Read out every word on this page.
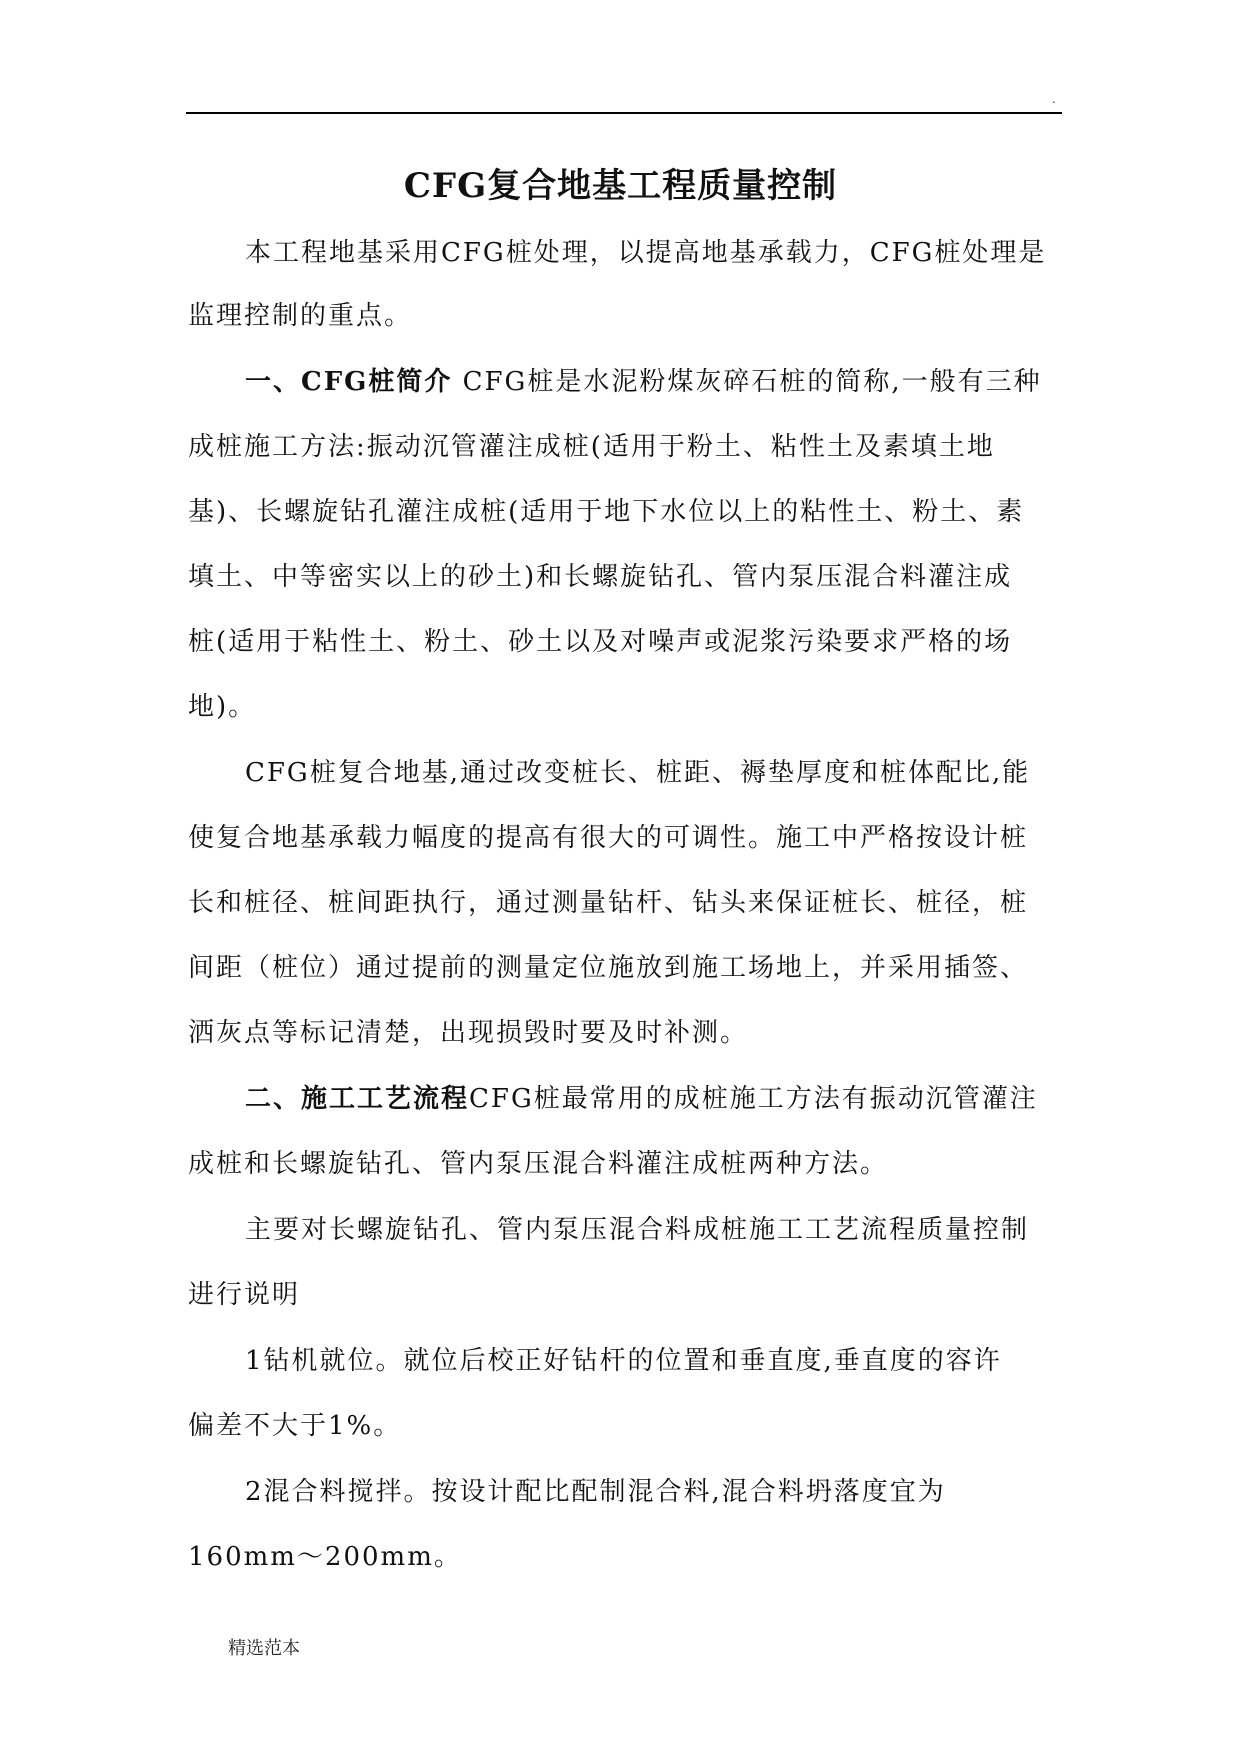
.
CFG复合地基工程质量控制
本工程地基采用CFG桩处理，以提高地基承载力，CFG桩处理是
监理控制的重点。
一、CFG桩简介 CFG桩是水泥粉煤灰碎石桩的简称,一般有三种
成桩施工方法:振动沉管灌注成桩(适用于粉土、粘性土及素填土地
基)、长螺旋钻孔灌注成桩(适用于地下水位以上的粘性土、粉土、素
填土、中等密实以上的砂土)和长螺旋钻孔、管内泵压混合料灌注成
桩(适用于粘性土、粉土、砂土以及对噪声或泥浆污染要求严格的场
地)。
CFG桩复合地基,通过改变桩长、桩距、褥垫厚度和桩体配比,能
使复合地基承载力幅度的提高有很大的可调性。施工中严格按设计桩
长和桩径、桩间距执行，通过测量钻杆、钻头来保证桩长、桩径，桩
间距（桩位）通过提前的测量定位施放到施工场地上，并采用插签、
洒灰点等标记清楚，出现损毁时要及时补测。
二、施工工艺流程CFG桩最常用的成桩施工方法有振动沉管灌注
成桩和长螺旋钻孔、管内泵压混合料灌注成桩两种方法。
主要对长螺旋钻孔、管内泵压混合料成桩施工工艺流程质量控制
进行说明
1钻机就位。就位后校正好钻杆的位置和垂直度,垂直度的容许
偏差不大于1%。
2混合料搅拌。按设计配比配制混合料,混合料坍落度宜为
160mm～200mm。
精选范本
